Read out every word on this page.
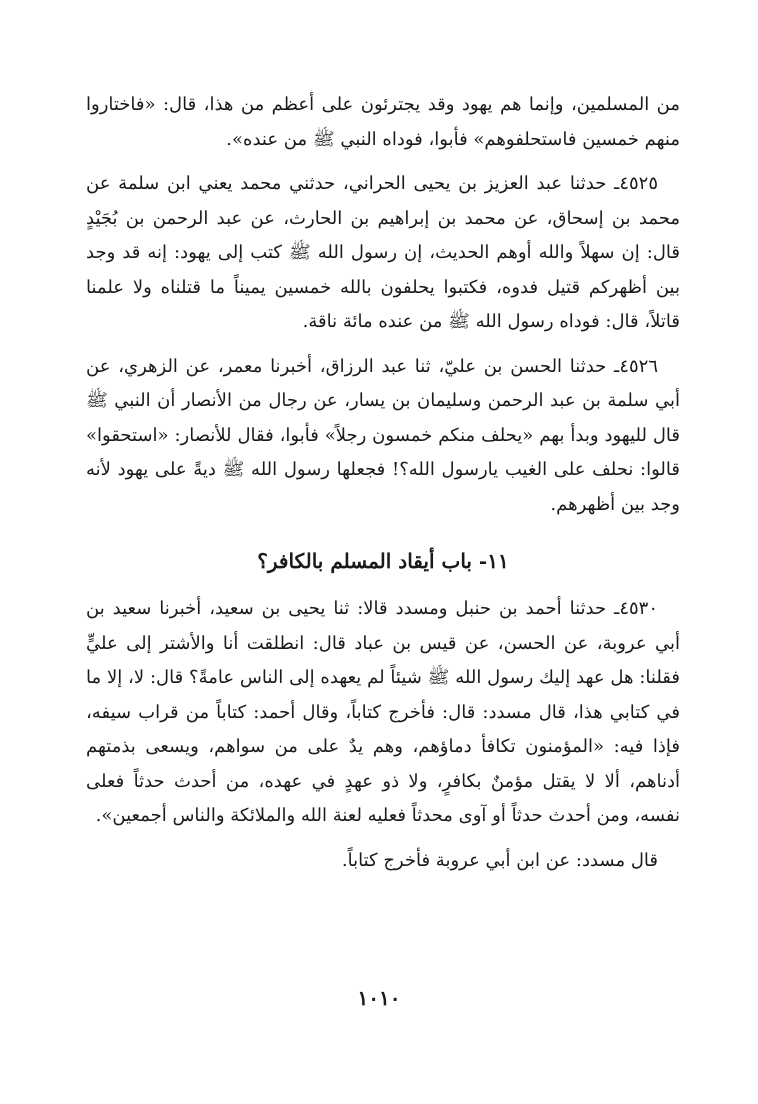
من المسلمين، وإنما هم يهود وقد يجترئون على أعظم من هذا، قال: «فاختاروا منهم خمسين فاستحلفوهم» فأبوا، فوداه النبي ﷺ من عنده».

٤٥٢٥ـ حدثنا عبد العزيز بن يحيى الحراني، حدثني محمد يعني ابن سلمة عن محمد بن إسحاق، عن محمد بن إبراهيم بن الحارث، عن عبد الرحمن بن بُجَيْدٍ قال: إن سهلاً والله أوهم الحديث، إن رسول الله ﷺ كتب إلى يهود: إنه قد وجد بين أظهركم قتيل فدوه، فكتبوا يحلفون بالله خمسين يميناً ما قتلناه ولا علمنا قاتلاً، قال: فوداه رسول الله ﷺ من عنده مائة ناقة.

٤٥٢٦ـ حدثنا الحسن بن عليّ، ثنا عبد الرزاق، أخبرنا معمر، عن الزهري، عن أبي سلمة بن عبد الرحمن وسليمان بن يسار، عن رجال من الأنصار أن النبي ﷺ قال لليهود وبدأ بهم «يحلف منكم خمسون رجلاً» فأبوا، فقال للأنصار: «استحقوا» قالوا: نحلف على الغيب يارسول الله؟! فجعلها رسول الله ﷺ ديةً على يهود لأنه وجد بين أظهرهم.

١١- باب أيقاد المسلم بالكافر؟

٤٥٣٠ـ حدثنا أحمد بن حنبل ومسدد قالا: ثنا يحيى بن سعيد، أخبرنا سعيد بن أبي عروبة، عن الحسن، عن قيس بن عباد قال: انطلقت أنا والأشتر إلى عليٍّ فقلنا: هل عهد إليك رسول الله ﷺ شيئاً لم يعهده إلى الناس عامةً؟ قال: لا، إلا ما في كتابي هذا، قال مسدد: قال: فأخرج كتاباً، وقال أحمد: كتاباً من قراب سيفه، فإذا فيه: «المؤمنون تكافأ دماؤهم، وهم يدٌ على من سواهم، ويسعى بذمتهم أدناهم، ألا لا يقتل مؤمنٌ بكافرٍ، ولا ذو عهدٍ في عهده، من أحدث حدثاً فعلى نفسه، ومن أحدث حدثاً أو آوى محدثاً فعليه لعنة الله والملائكة والناس أجمعين».

قال مسدد: عن ابن أبي عروبة فأخرج كتاباً.

١٠١٠
